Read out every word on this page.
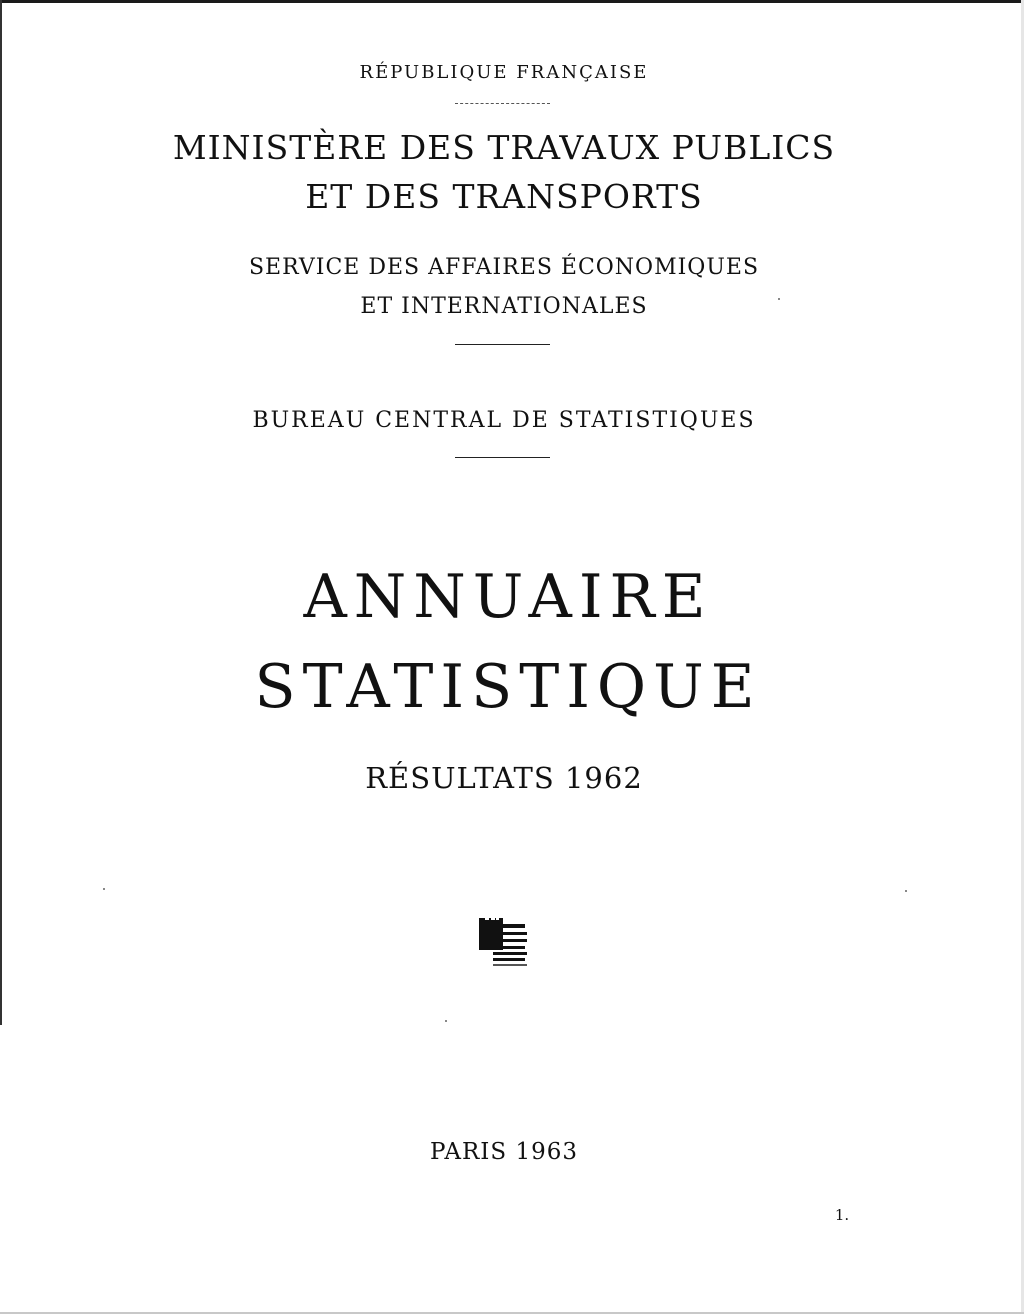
RÉPUBLIQUE FRANÇAISE
MINISTÈRE DES TRAVAUX PUBLICS
ET DES TRANSPORTS
SERVICE DES AFFAIRES ÉCONOMIQUES
ET INTERNATIONALES
BUREAU CENTRAL DE STATISTIQUES
ANNUAIRE
STATISTIQUE
RÉSULTATS 1962
PARIS 1963
1.
